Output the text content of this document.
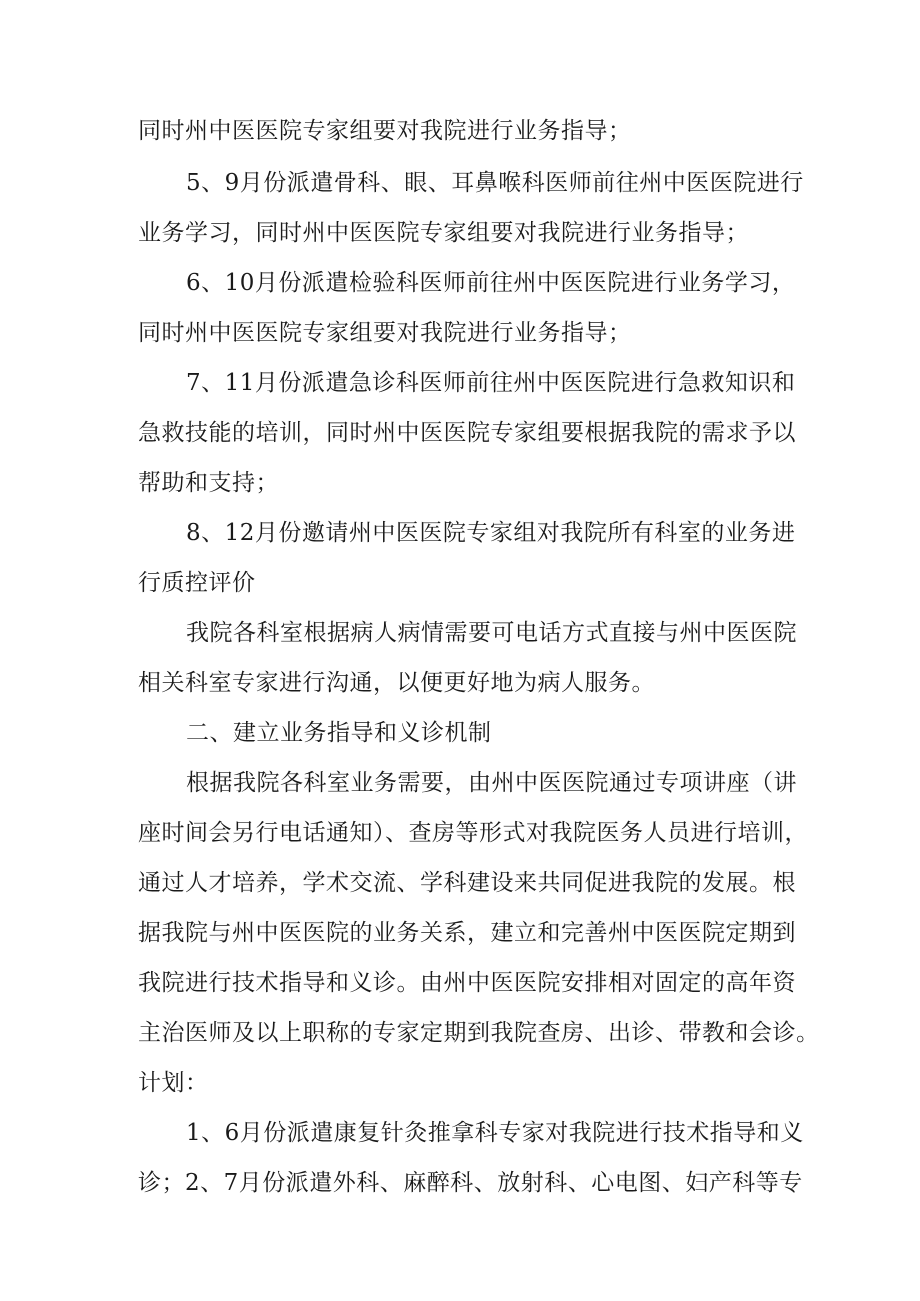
同时州中医医院专家组要对我院进行业务指导；
5、9月份派遣骨科、眼、耳鼻喉科医师前往州中医医院进行
业务学习，同时州中医医院专家组要对我院进行业务指导；
6、10月份派遣检验科医师前往州中医医院进行业务学习，
同时州中医医院专家组要对我院进行业务指导；
7、11月份派遣急诊科医师前往州中医医院进行急救知识和
急救技能的培训，同时州中医医院专家组要根据我院的需求予以
帮助和支持；
8、12月份邀请州中医医院专家组对我院所有科室的业务进
行质控评价
我院各科室根据病人病情需要可电话方式直接与州中医医院
相关科室专家进行沟通，以便更好地为病人服务。
二、建立业务指导和义诊机制
根据我院各科室业务需要，由州中医医院通过专项讲座（讲
座时间会另行电话通知）、查房等形式对我院医务人员进行培训，
通过人才培养，学术交流、学科建设来共同促进我院的发展。根
据我院与州中医医院的业务关系，建立和完善州中医医院定期到
我院进行技术指导和义诊。由州中医医院安排相对固定的高年资
主治医师及以上职称的专家定期到我院查房、出诊、带教和会诊。
计划：
1、6月份派遣康复针灸推拿科专家对我院进行技术指导和义
诊；2、7月份派遣外科、麻醉科、放射科、心电图、妇产科等专
